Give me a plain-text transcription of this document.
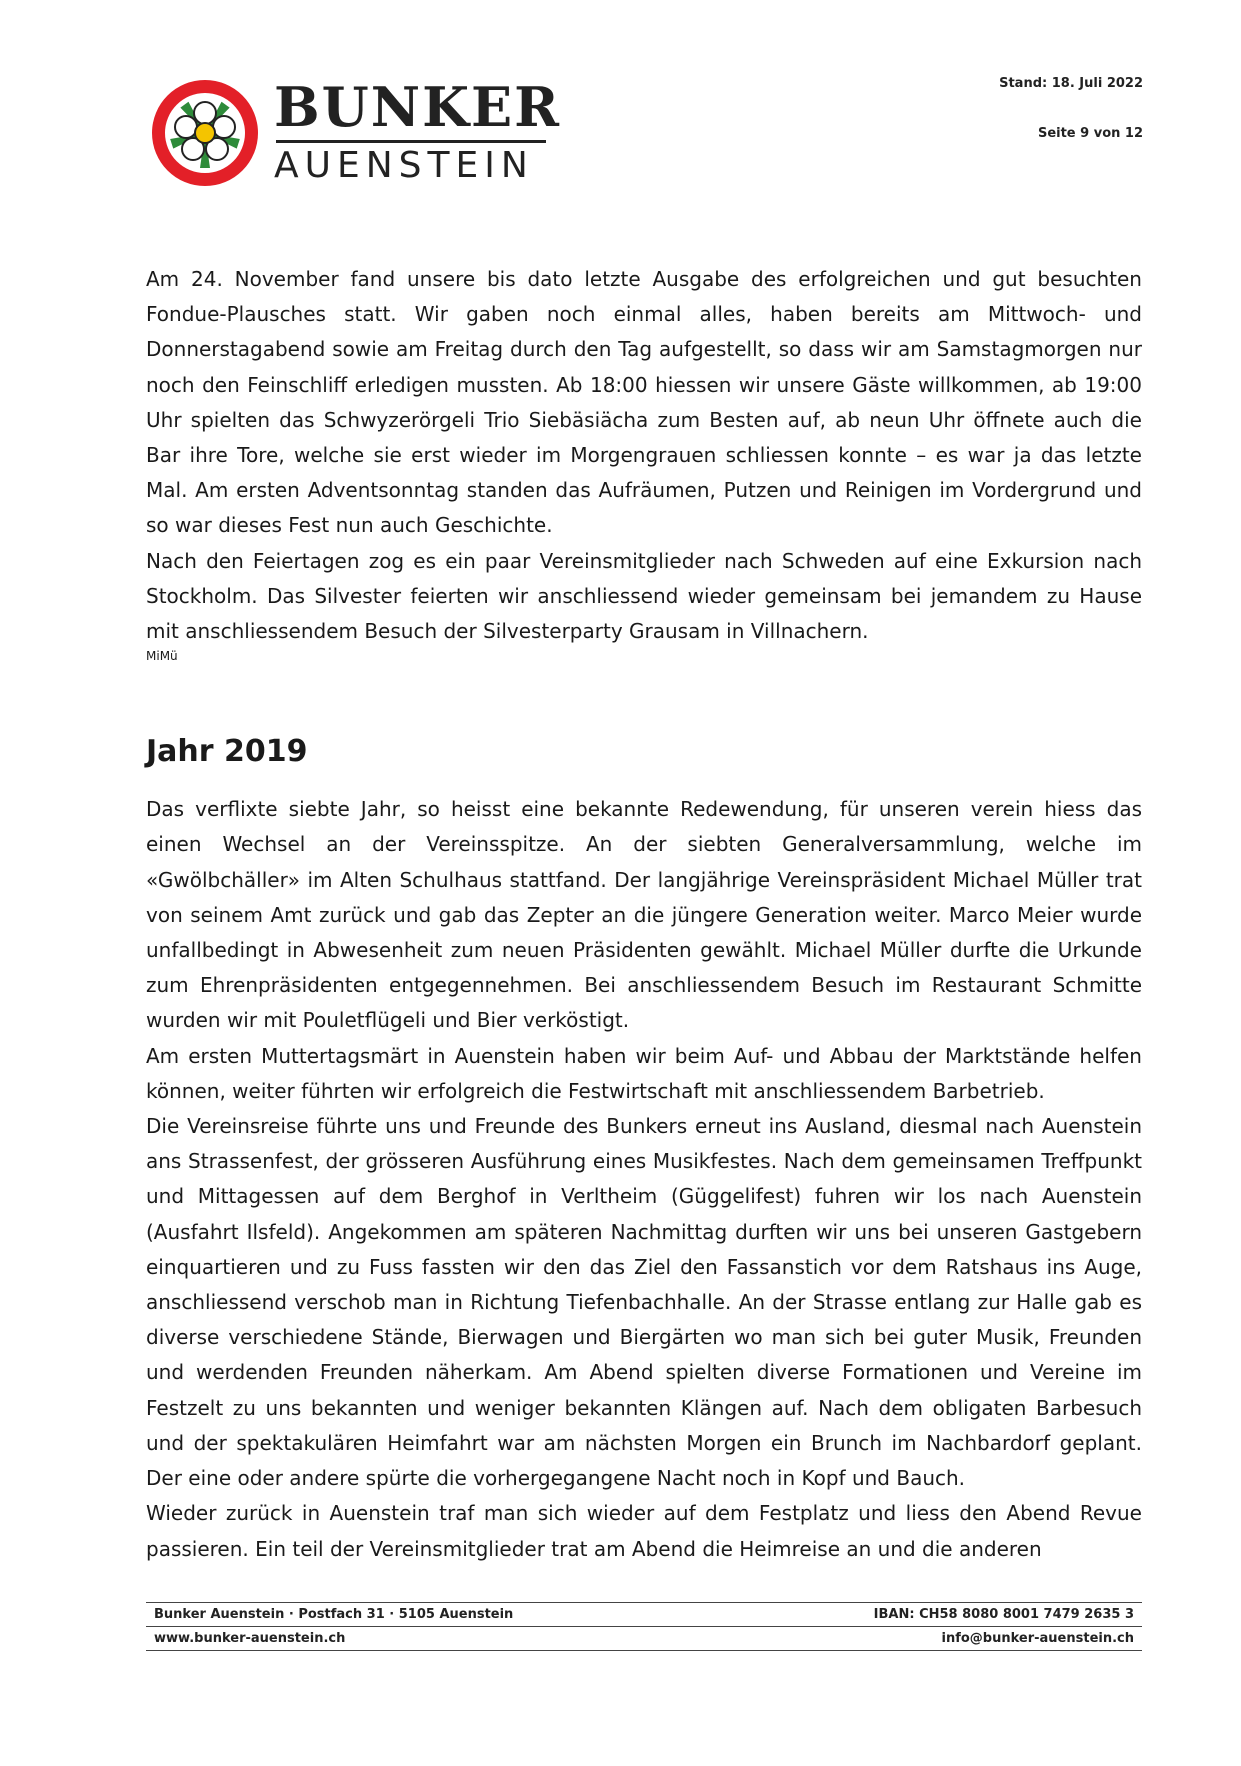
BUNKER
AUENSTEIN
Stand: 18. Juli 2022
Seite 9 von 12

Am 24. November fand unsere bis dato letzte Ausgabe des erfolgreichen und gut besuchten Fondue-Plausches statt. Wir gaben noch einmal alles, haben bereits am Mittwoch- und Donnerstagabend sowie am Freitag durch den Tag aufgestellt, so dass wir am Samstagmorgen nur noch den Feinschliff erledigen mussten. Ab 18:00 hiessen wir unsere Gäste willkommen, ab 19:00 Uhr spielten das Schwyzerörgeli Trio Siebäsiächa zum Besten auf, ab neun Uhr öffnete auch die Bar ihre Tore, welche sie erst wieder im Morgengrauen schliessen konnte – es war ja das letzte Mal. Am ersten Adventsonntag standen das Aufräumen, Putzen und Reinigen im Vordergrund und so war dieses Fest nun auch Geschichte.

Nach den Feiertagen zog es ein paar Vereinsmitglieder nach Schweden auf eine Exkursion nach Stockholm. Das Silvester feierten wir anschliessend wieder gemeinsam bei jemandem zu Hause mit anschliessendem Besuch der Silvesterparty Grausam in Villnachern.

MiMü

Jahr 2019

Das verflixte siebte Jahr, so heisst eine bekannte Redewendung, für unseren verein hiess das einen Wechsel an der Vereinsspitze. An der siebten Generalversammlung, welche im «Gwölbchäller» im Alten Schulhaus stattfand. Der langjährige Vereinspräsident Michael Müller trat von seinem Amt zurück und gab das Zepter an die jüngere Generation weiter. Marco Meier wurde unfallbedingt in Abwesenheit zum neuen Präsidenten gewählt. Michael Müller durfte die Urkunde zum Ehrenpräsidenten entgegennehmen. Bei anschliessendem Besuch im Restaurant Schmitte wurden wir mit Pouletflügeli und Bier verköstigt.

Am ersten Muttertagsmärt in Auenstein haben wir beim Auf- und Abbau der Marktstände helfen können, weiter führten wir erfolgreich die Festwirtschaft mit anschliessendem Barbetrieb.

Die Vereinsreise führte uns und Freunde des Bunkers erneut ins Ausland, diesmal nach Auenstein ans Strassenfest, der grösseren Ausführung eines Musikfestes. Nach dem gemeinsamen Treffpunkt und Mittagessen auf dem Berghof in Verltheim (Güggelifest) fuhren wir los nach Auenstein (Ausfahrt Ilsfeld). Angekommen am späteren Nachmittag durften wir uns bei unseren Gastgebern einquartieren und zu Fuss fassten wir den das Ziel den Fassanstich vor dem Ratshaus ins Auge, anschliessend verschob man in Richtung Tiefenbachhalle. An der Strasse entlang zur Halle gab es diverse verschiedene Stände, Bierwagen und Biergärten wo man sich bei guter Musik, Freunden und werdenden Freunden näherkam. Am Abend spielten diverse Formationen und Vereine im Festzelt zu uns bekannten und weniger bekannten Klängen auf. Nach dem obligaten Barbesuch und der spektakulären Heimfahrt war am nächsten Morgen ein Brunch im Nachbardorf geplant. Der eine oder andere spürte die vorhergegangene Nacht noch in Kopf und Bauch.

Wieder zurück in Auenstein traf man sich wieder auf dem Festplatz und liess den Abend Revue passieren. Ein teil der Vereinsmitglieder trat am Abend die Heimreise an und die anderen

Bunker Auenstein · Postfach 31 · 5105 Auenstein	IBAN: CH58 8080 8001 7479 2635 3
www.bunker-auenstein.ch	info@bunker-auenstein.ch
